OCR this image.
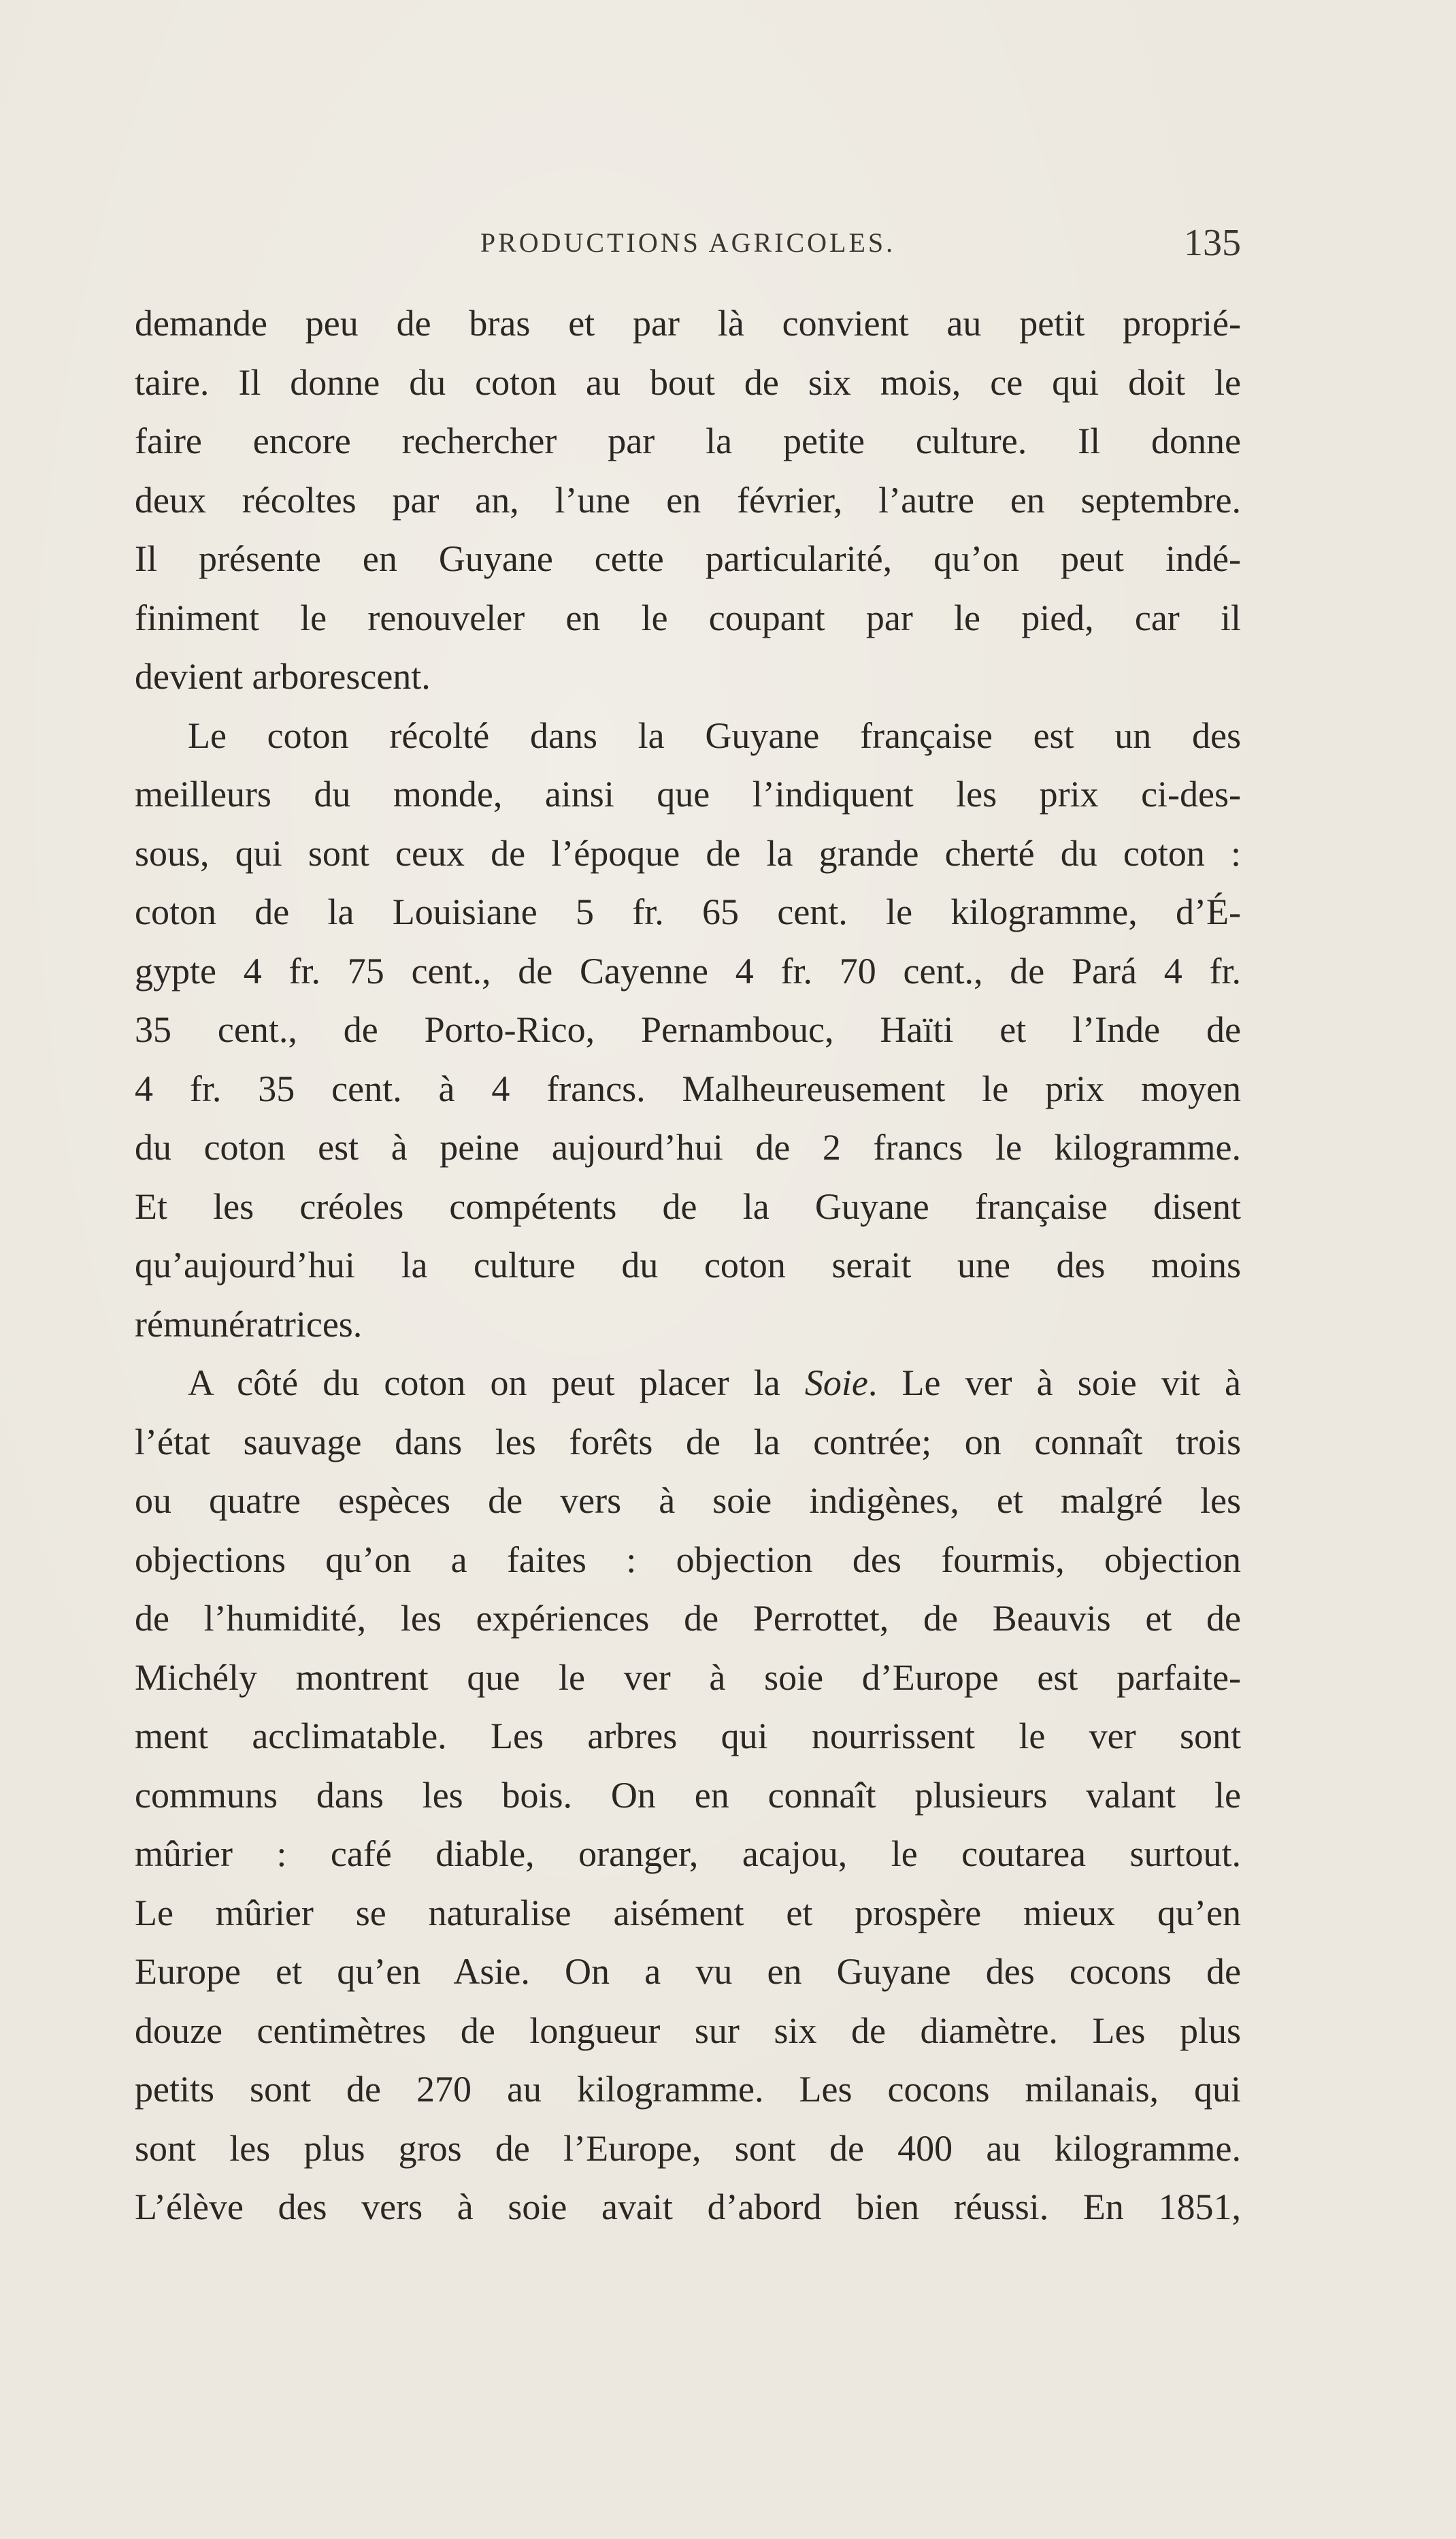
PRODUCTIONS AGRICOLES.	135
demande peu de bras et par là convient au petit proprié-
taire. Il donne du coton au bout de six mois, ce qui doit le
faire encore rechercher par la petite culture. Il donne
deux récoltes par an, l’une en février, l’autre en septembre.
Il présente en Guyane cette particularité, qu’on peut indé-
finiment le renouveler en le coupant par le pied, car il
devient arborescent.
Le coton récolté dans la Guyane française est un des
meilleurs du monde, ainsi que l’indiquent les prix ci-des-
sous, qui sont ceux de l’époque de la grande cherté du coton :
coton de la Louisiane 5 fr. 65 cent. le kilogramme, d’É-
gypte 4 fr. 75 cent., de Cayenne 4 fr. 70 cent., de Pará 4 fr.
35 cent., de Porto-Rico, Pernambouc, Haïti et l’Inde de
4 fr. 35 cent. à 4 francs. Malheureusement le prix moyen
du coton est à peine aujourd’hui de 2 francs le kilogramme.
Et les créoles compétents de la Guyane française disent
qu’aujourd’hui la culture du coton serait une des moins
rémunératrices.
A côté du coton on peut placer la Soie. Le ver à soie vit à
l’état sauvage dans les forêts de la contrée; on connaît trois
ou quatre espèces de vers à soie indigènes, et malgré les
objections qu’on a faites : objection des fourmis, objection
de l’humidité, les expériences de Perrottet, de Beauvis et de
Michély montrent que le ver à soie d’Europe est parfaite-
ment acclimatable. Les arbres qui nourrissent le ver sont
communs dans les bois. On en connaît plusieurs valant le
mûrier : café diable, oranger, acajou, le coutarea surtout.
Le mûrier se naturalise aisément et prospère mieux qu’en
Europe et qu’en Asie. On a vu en Guyane des cocons de
douze centimètres de longueur sur six de diamètre. Les plus
petits sont de 270 au kilogramme. Les cocons milanais, qui
sont les plus gros de l’Europe, sont de 400 au kilogramme.
L’élève des vers à soie avait d’abord bien réussi. En 1851,
